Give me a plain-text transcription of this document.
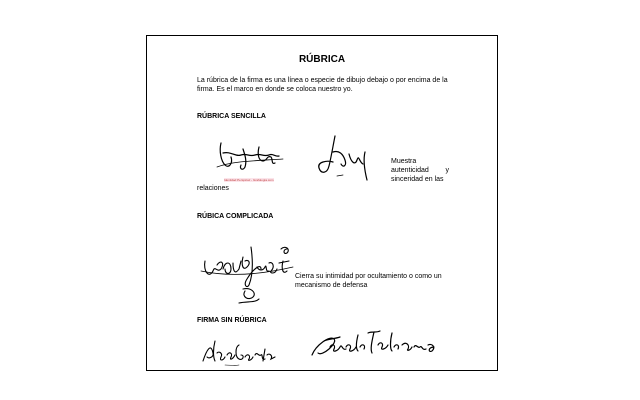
RÚBRICA
La rúbrica de la firma es una línea o especie de dibujo debajo o por encima de la firma. Es el marco en donde se coloca nuestro yo.
RÚBRICA SENCILLA
Identidad Perspicaz - Grafología.com
Muestra autenticidad y sinceridad en las
relaciones
RÚBICA COMPLICADA
Cierra su intimidad por ocultamiento o como un mecanismo de defensa
FIRMA SIN RÚBRICA
